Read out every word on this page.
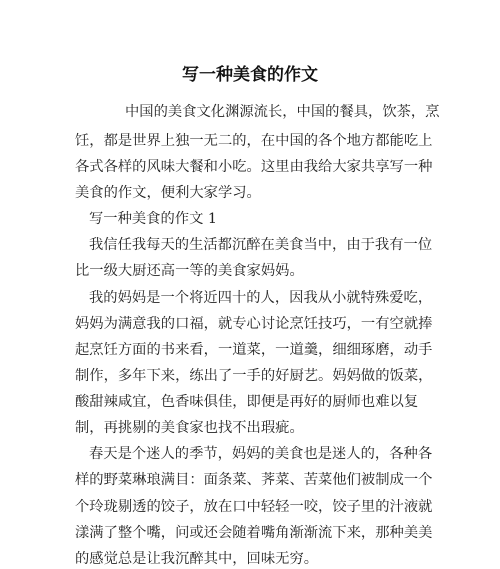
写一种美食的作文
中国的美食文化渊源流长，中国的餐具，饮茶，烹
饪，都是世界上独一无二的，在中国的各个地方都能吃上
各式各样的风味大餐和小吃。这里由我给大家共享写一种
美食的作文，便利大家学习。
写一种美食的作文 1
我信任我每天的生活都沉醉在美食当中，由于我有一位
比一级大厨还高一等的美食家妈妈。
我的妈妈是一个将近四十的人，因我从小就特殊爱吃，
妈妈为满意我的口福，就专心讨论烹饪技巧，一有空就捧
起烹饪方面的书来看，一道菜，一道羹，细细琢磨，动手
制作，多年下来，练出了一手的好厨艺。妈妈做的饭菜，
酸甜辣咸宜，色香味俱佳，即便是再好的厨师也难以复
制，再挑剔的美食家也找不出瑕疵。
春天是个迷人的季节，妈妈的美食也是迷人的，各种各
样的野菜琳琅满目：面条菜、荠菜、苦菜他们被制成一个
个玲珑剔透的饺子，放在口中轻轻一咬，饺子里的汁液就
漾满了整个嘴，问或还会随着嘴角渐渐流下来，那种美美
的感觉总是让我沉醉其中，回味无穷。
